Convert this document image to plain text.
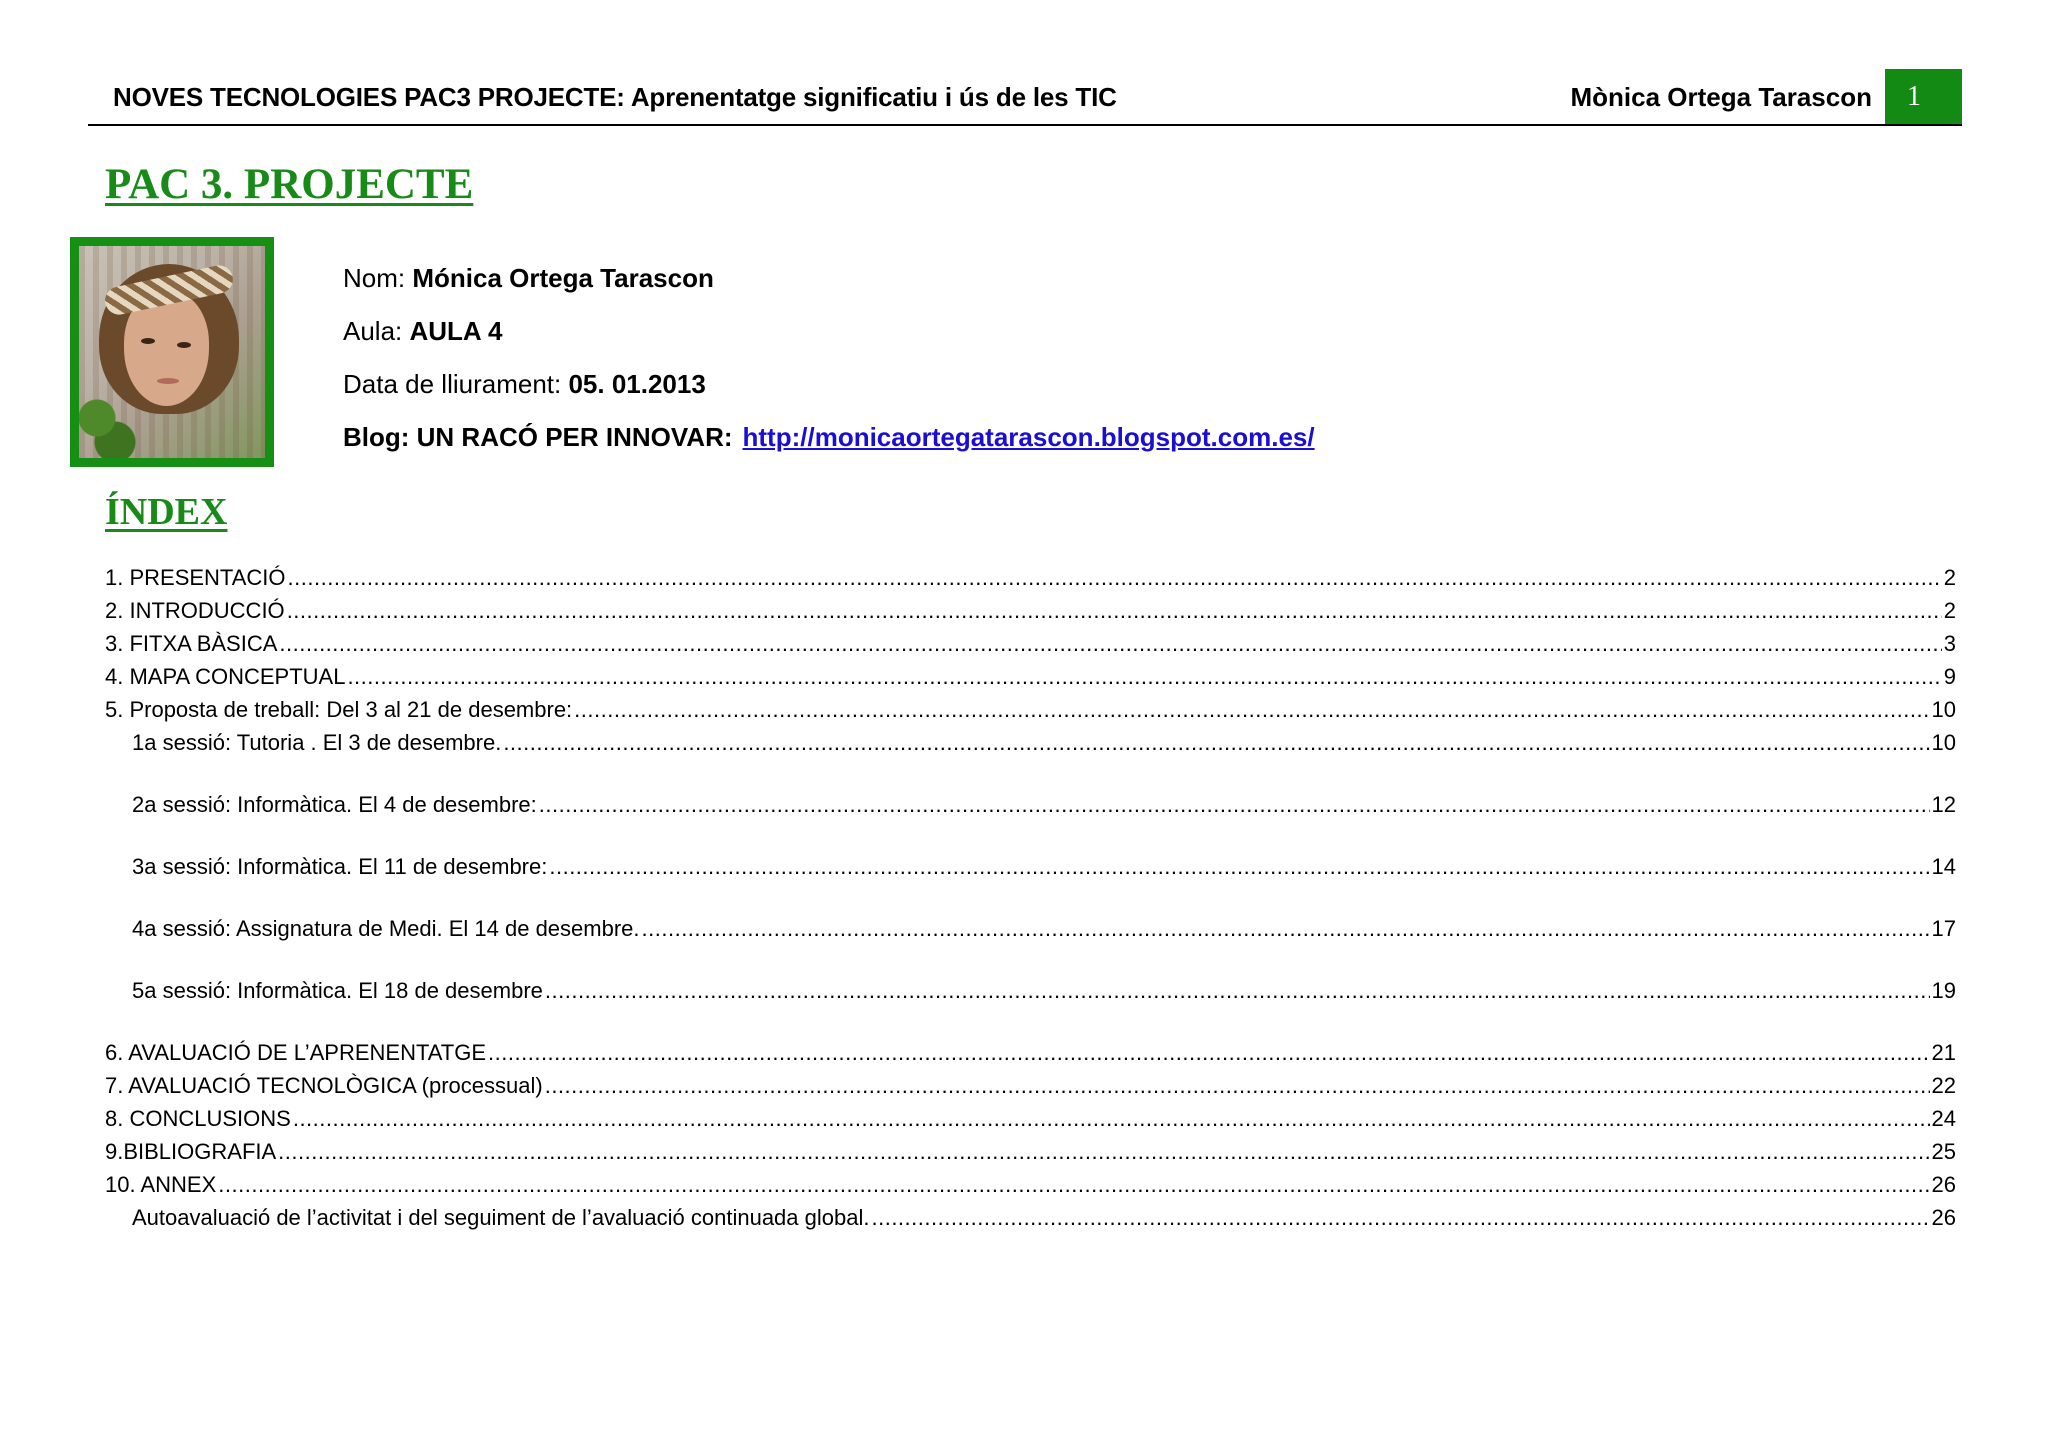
NOVES TECNOLOGIES PAC3 PROJECTE: Aprenentatge significatiu i ús de les TIC	Mònica Ortega Tarascon	1
PAC 3. PROJECTE
Nom: Mónica Ortega Tarascon
Aula: AULA 4
Data de lliurament: 05. 01.2013
Blog: UN RACÓ PER INNOVAR: http://monicaortegatarascon.blogspot.com.es/
ÍNDEX
1. PRESENTACIÓ .....	2
2. INTRODUCCIÓ .....	2
3. FITXA BÀSICA .....	3
4. MAPA CONCEPTUAL .....	9
5. Proposta de treball: Del 3 al 21 de desembre: .....	10
1a sessió: Tutoria . El 3 de desembre. .....	10
2a sessió: Informàtica. El 4 de desembre: .....	12
3a sessió: Informàtica. El 11 de desembre: .....	14
4a sessió: Assignatura de Medi. El 14 de desembre. .....	17
5a sessió: Informàtica. El 18 de desembre .....	19
6. AVALUACIÓ DE L’APRENENTATGE .....	21
7. AVALUACIÓ TECNOLÒGICA (processual) .....	22
8. CONCLUSIONS .....	24
9.BIBLIOGRAFIA .....	25
10. ANNEX .....	26
Autoavaluació de l’activitat i del seguiment de l’avaluació continuada global. .....	26
